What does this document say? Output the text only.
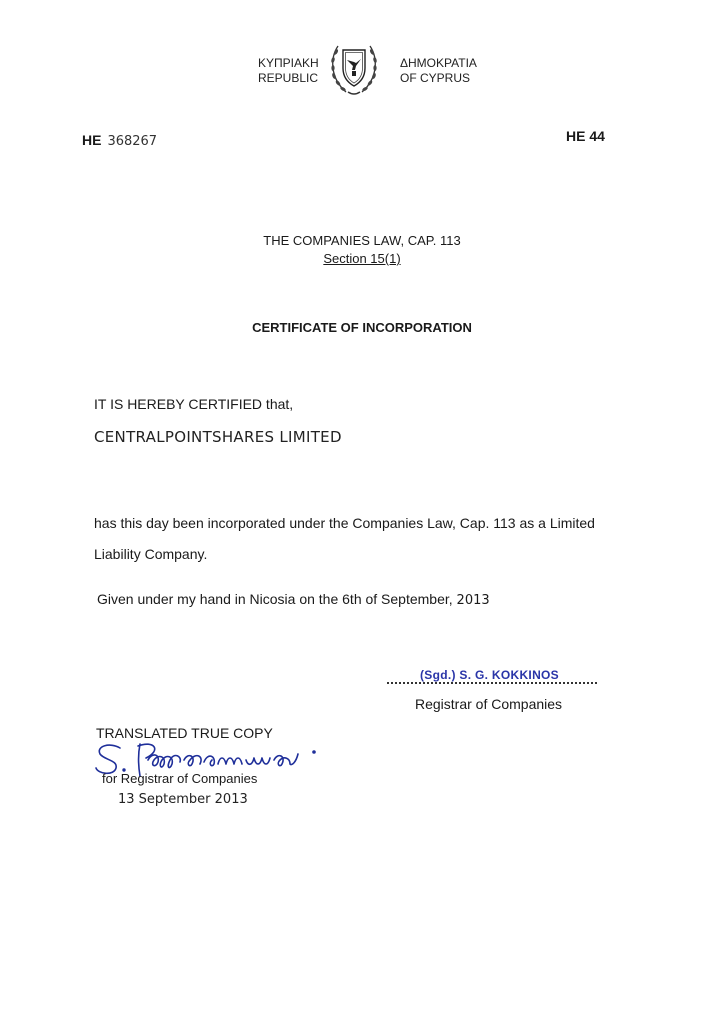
ΚΥΠΡΙΑΚΗ
REPUBLIC
ΔΗΜΟΚΡΑΤΙΑ
OF CYPRUS
HE 368267	HE 44
THE COMPANIES LAW, CAP. 113
Section 15(1)
CERTIFICATE OF INCORPORATION
IT IS HEREBY CERTIFIED that,
CENTRALPOINTSHARES LIMITED
has this day been incorporated under the Companies Law, Cap. 113 as a Limited
Liability Company.
Given under my hand in Nicosia on the 6th of September, 2013
(Sgd.) S. G. KOKKINOS
Registrar of Companies
TRANSLATED TRUE COPY
for Registrar of Companies
13 September 2013
